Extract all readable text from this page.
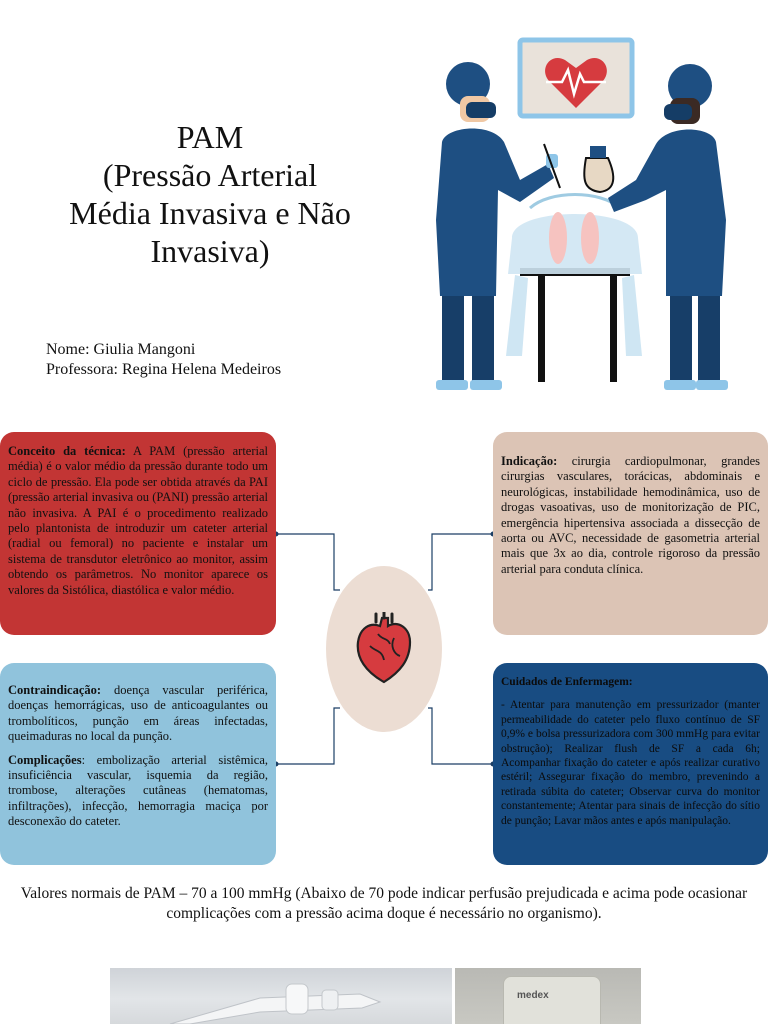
PAM
(Pressão Arterial
Média Invasiva e Não
Invasiva)
Nome: Giulia Mangoni
Professora: Regina Helena Medeiros

Conceito da técnica: A PAM (pressão arterial média) é o valor médio da pressão durante todo um ciclo de pressão. Ela pode ser obtida através da PAI (pressão arterial invasiva ou (PANI) pressão arterial não invasiva. A PAI é o procedimento realizado pelo plantonista de introduzir um cateter arterial (radial ou femoral) no paciente e instalar um sistema de transdutor eletrônico ao monitor, assim obtendo os parâmetros. No monitor aparece os valores da Sistólica, diastólica e valor médio.

Indicação: cirurgia cardiopulmonar, grandes cirurgias vasculares, torácicas, abdominais e neurológicas, instabilidade hemodinâmica, uso de drogas vasoativas, uso de monitorização de PIC, emergência hipertensiva associada a dissecção de aorta ou AVC, necessidade de gasometria arterial mais que 3x ao dia, controle rigoroso da pressão arterial para conduta clínica.

Contraindicação: doença vascular periférica, doenças hemorrágicas, uso de anticoagulantes ou trombolíticos, punção em áreas infectadas, queimaduras no local da punção.

Complicações: embolização arterial sistêmica, insuficiência vascular, isquemia da região, trombose, alterações cutâneas (hematomas, infiltrações), infecção, hemorragia maciça por desconexão do cateter.

Cuidados de Enfermagem:

- Atentar para manutenção em pressurizador (manter permeabilidade do cateter pelo fluxo contínuo de SF 0,9% e bolsa pressurizadora com 300 mmHg para evitar obstrução); Realizar flush de SF a cada 6h; Acompanhar fixação do cateter e após realizar curativo estéril; Assegurar fixação do membro, prevenindo a retirada súbita do cateter; Observar curva do monitor constantemente; Atentar para sinais de infecção do sítio de punção; Lavar mãos antes e após manipulação.

Valores normais de PAM – 70 a 100 mmHg (Abaixo de 70 pode indicar perfusão prejudicada e acima pode ocasionar complicações com a pressão acima doque é necessário no organismo).
medex
